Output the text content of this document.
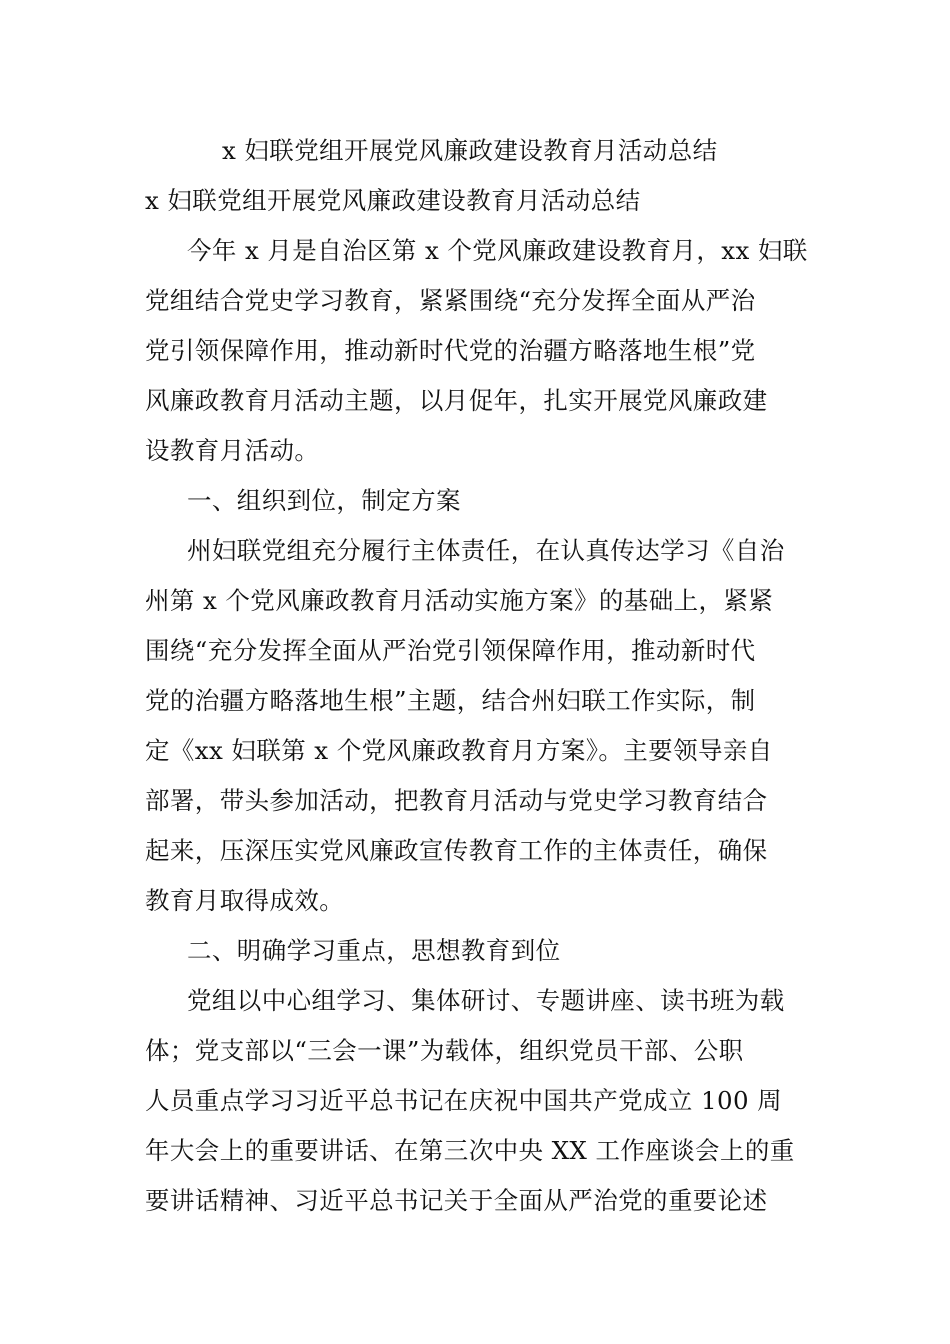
x 妇联党组开展党风廉政建设教育月活动总结
x 妇联党组开展党风廉政建设教育月活动总结
今年 x 月是自治区第 x 个党风廉政建设教育月，xx 妇联
党组结合党史学习教育，紧紧围绕“充分发挥全面从严治
党引领保障作用，推动新时代党的治疆方略落地生根”党
风廉政教育月活动主题，以月促年，扎实开展党风廉政建
设教育月活动。
一、组织到位，制定方案
州妇联党组充分履行主体责任，在认真传达学习《自治
州第 x 个党风廉政教育月活动实施方案》的基础上，紧紧
围绕“充分发挥全面从严治党引领保障作用，推动新时代
党的治疆方略落地生根”主题，结合州妇联工作实际，制
定《xx 妇联第 x 个党风廉政教育月方案》。主要领导亲自
部署，带头参加活动，把教育月活动与党史学习教育结合
起来，压深压实党风廉政宣传教育工作的主体责任，确保
教育月取得成效。
二、明确学习重点，思想教育到位
党组以中心组学习、集体研讨、专题讲座、读书班为载
体；党支部以“三会一课”为载体，组织党员干部、公职
人员重点学习习近平总书记在庆祝中国共产党成立 100 周
年大会上的重要讲话、在第三次中央 XX 工作座谈会上的重
要讲话精神、习近平总书记关于全面从严治党的重要论述
